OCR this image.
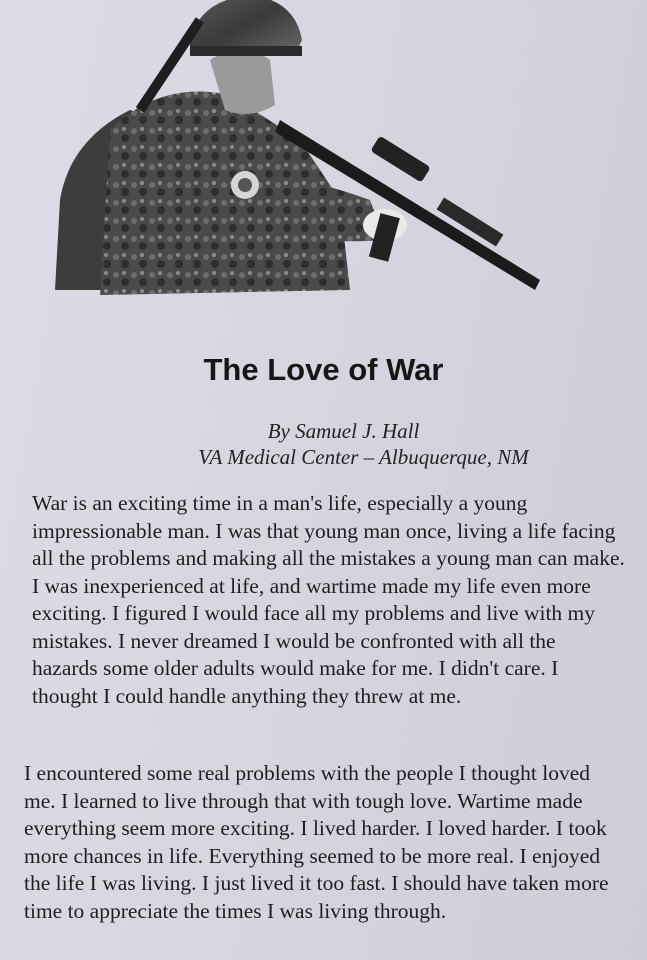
The Love of War
By Samuel J. Hall
VA Medical Center – Albuquerque, NM

War is an exciting time in a man's life, especially a young impressionable man. I was that young man once, living a life facing all the problems and making all the mistakes a young man can make. I was inexperienced at life, and wartime made my life even more exciting. I figured I would face all my problems and live with my mistakes. I never dreamed I would be confronted with all the hazards some older adults would make for me. I didn't care. I thought I could handle anything they threw at me.

I encountered some real problems with the people I thought loved me. I learned to live through that with tough love. Wartime made everything seem more exciting. I lived harder. I loved harder. I took more chances in life. Everything seemed to be more real. I enjoyed the life I was living. I just lived it too fast. I should have taken more time to appreciate the times I was living through.
